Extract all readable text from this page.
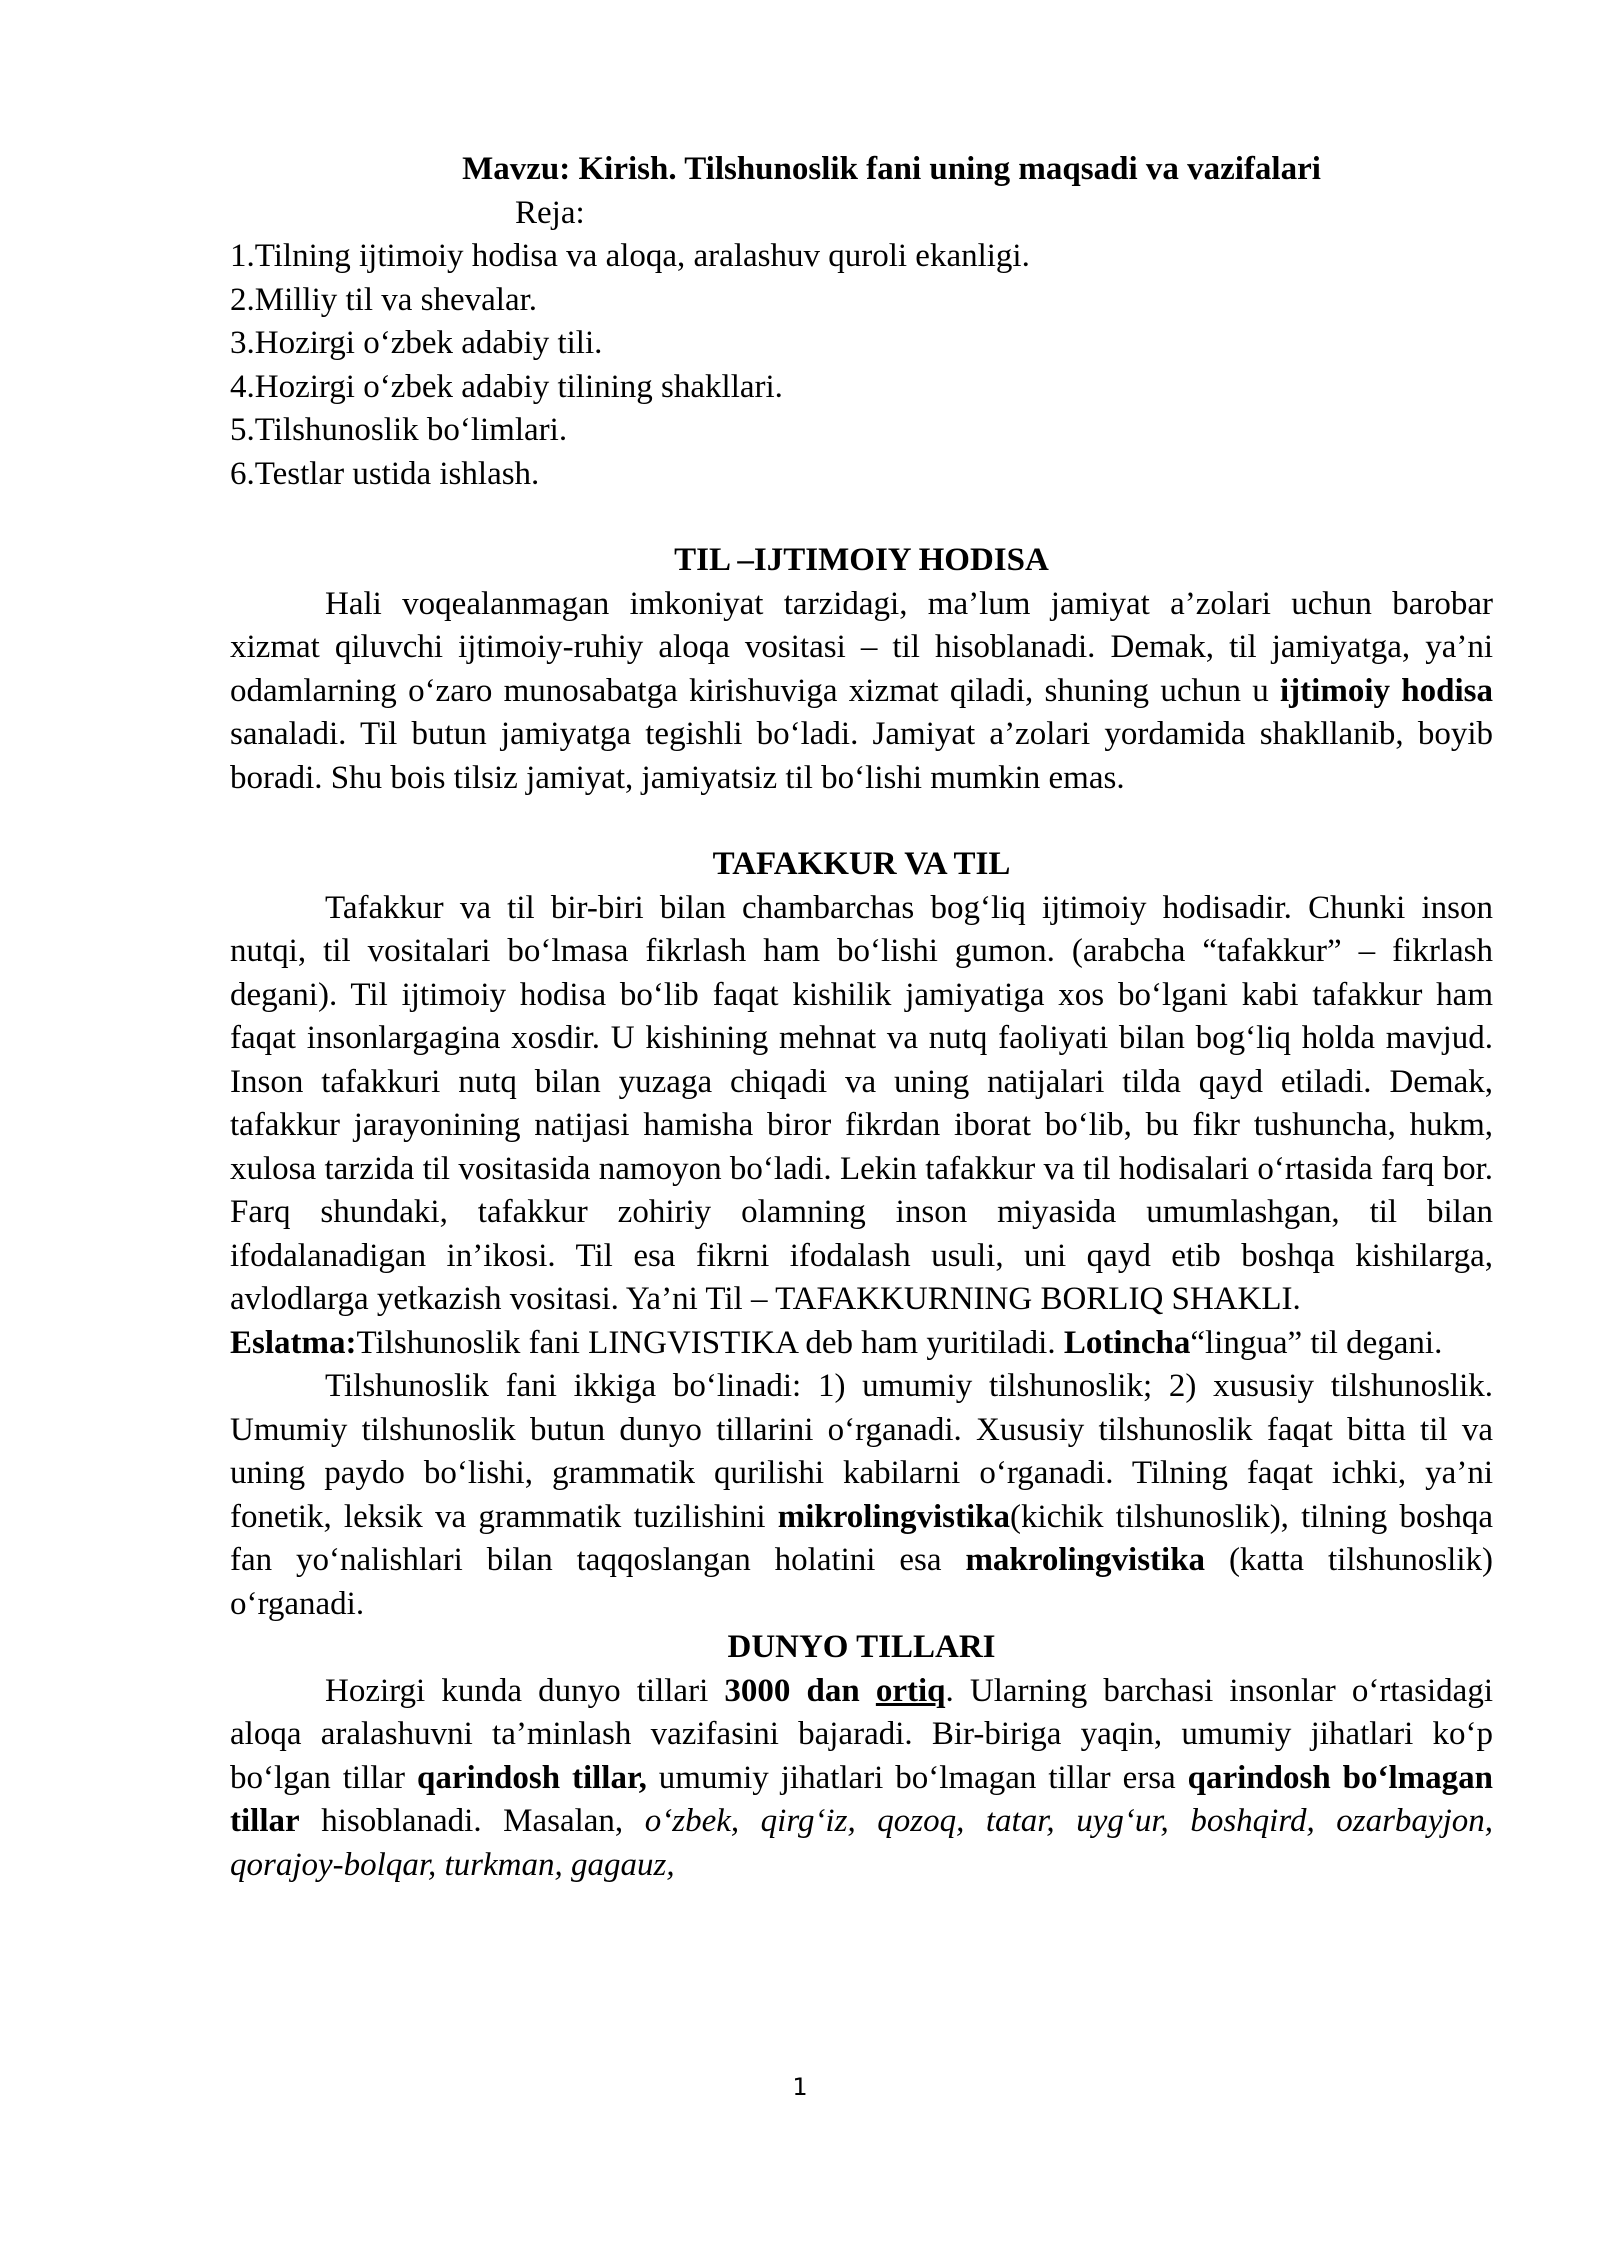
Mavzu: Kirish. Tilshunoslik fani uning maqsadi va vazifalari
Reja:
1.Tilning ijtimoiy hodisa va aloqa, aralashuv quroli ekanligi.
2.Milliy til va shevalar.
3.Hozirgi o‘zbek adabiy tili.
4.Hozirgi o‘zbek adabiy tilining shakllari.
5.Tilshunoslik bo‘limlari.
6.Testlar ustida ishlash.
TIL –IJTIMOIY HODISA

Hali voqealanmagan imkoniyat tarzidagi, ma’lum jamiyat a’zolari uchun barobar xizmat qiluvchi ijtimoiy-ruhiy aloqa vositasi – til hisoblanadi. Demak, til jamiyatga, ya’ni odamlarning o‘zaro munosabatga kirishuviga xizmat qiladi, shuning uchun u ijtimoiy hodisa sanaladi. Til butun jamiyatga tegishli bo‘ladi. Jamiyat a’zolari yordamida shakllanib, boyib boradi. Shu bois tilsiz jamiyat, jamiyatsiz til bo‘lishi mumkin emas.

TAFAKKUR VA TIL

Tafakkur va til bir-biri bilan chambarchas bog‘liq ijtimoiy hodisadir. Chunki inson nutqi, til vositalari bo‘lmasa fikrlash ham bo‘lishi gumon. (arabcha “tafakkur” – fikrlash degani). Til ijtimoiy hodisa bo‘lib faqat kishilik jamiyatiga xos bo‘lgani kabi tafakkur ham faqat insonlargagina xosdir. U kishining mehnat va nutq faoliyati bilan bog‘liq holda mavjud. Inson tafakkuri nutq bilan yuzaga chiqadi va uning natijalari tilda qayd etiladi. Demak, tafakkur jarayonining natijasi hamisha biror fikrdan iborat bo‘lib, bu fikr tushuncha, hukm, xulosa tarzida til vositasida namoyon bo‘ladi. Lekin tafakkur va til hodisalari o‘rtasida farq bor. Farq shundaki, tafakkur zohiriy olamning inson miyasida umumlashgan, til bilan ifodalanadigan in’ikosi. Til esa fikrni ifodalash usuli, uni qayd etib boshqa kishilarga, avlodlarga yetkazish vositasi. Ya’ni Til – TAFAKKURNING BORLIQ SHAKLI.

Eslatma:Tilshunoslik fani LINGVISTIKA deb ham yuritiladi. Lotincha“lingua” til degani.

Tilshunoslik fani ikkiga bo‘linadi: 1) umumiy tilshunoslik; 2) xususiy tilshunoslik. Umumiy tilshunoslik butun dunyo tillarini o‘rganadi. Xususiy tilshunoslik faqat bitta til va uning paydo bo‘lishi, grammatik qurilishi kabilarni o‘rganadi. Tilning faqat ichki, ya’ni fonetik, leksik va grammatik tuzilishini mikrolingvistika(kichik tilshunoslik), tilning boshqa fan yo‘nalishlari bilan taqqoslangan holatini esa makrolingvistika (katta tilshunoslik) o‘rganadi.

DUNYO TILLARI

Hozirgi kunda dunyo tillari 3000 dan ortiq. Ularning barchasi insonlar o‘rtasidagi aloqa aralashuvni ta’minlash vazifasini bajaradi. Bir-biriga yaqin, umumiy jihatlari ko‘p bo‘lgan tillar qarindosh tillar, umumiy jihatlari bo‘lmagan tillar ersa qarindosh bo‘lmagan tillar hisoblanadi. Masalan, o‘zbek, qirg‘iz, qozoq, tatar, uyg‘ur, boshqird, ozarbayjon, qorajoy-bolqar, turkman, gagauz,

1
